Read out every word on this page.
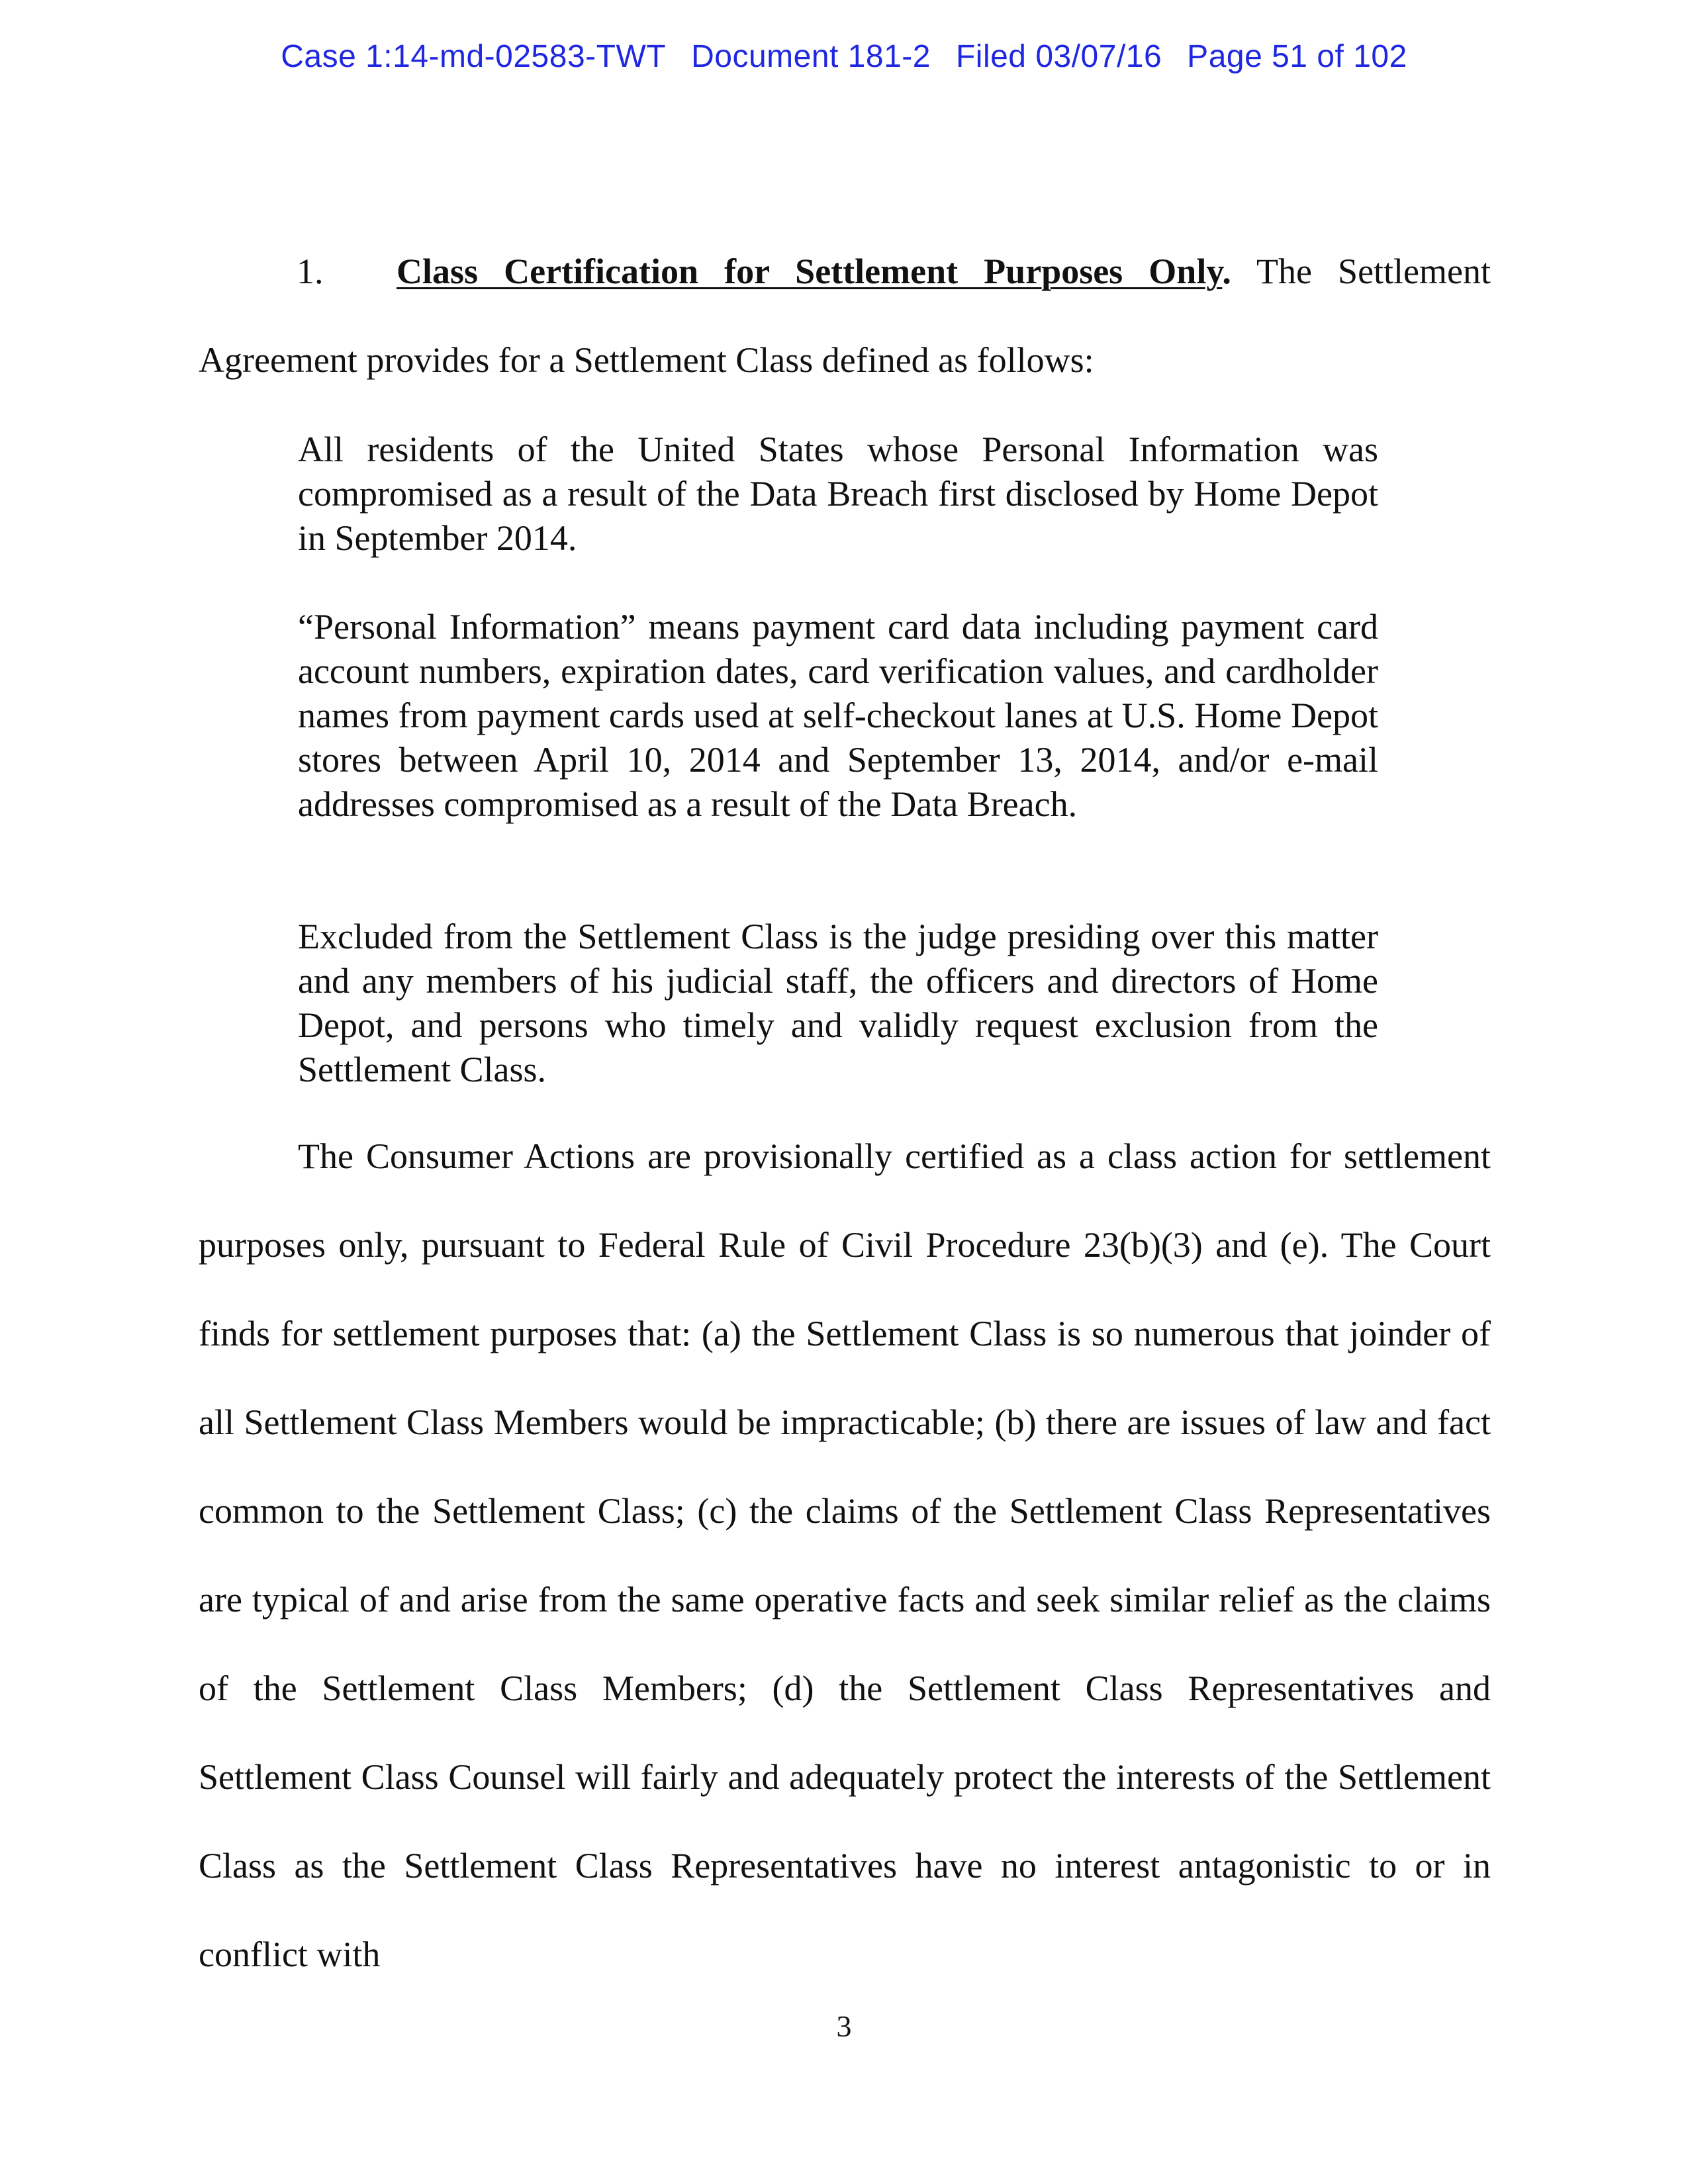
Case 1:14-md-02583-TWT Document 181-2 Filed 03/07/16 Page 51 of 102
1. Class Certification for Settlement Purposes Only. The Settlement Agreement provides for a Settlement Class defined as follows:
All residents of the United States whose Personal Information was compromised as a result of the Data Breach first disclosed by Home Depot in September 2014.
“Personal Information” means payment card data including payment card account numbers, expiration dates, card verification values, and cardholder names from payment cards used at self-checkout lanes at U.S. Home Depot stores between April 10, 2014 and September 13, 2014, and/or e-mail addresses compromised as a result of the Data Breach.
Excluded from the Settlement Class is the judge presiding over this matter and any members of his judicial staff, the officers and directors of Home Depot, and persons who timely and validly request exclusion from the Settlement Class.
The Consumer Actions are provisionally certified as a class action for settlement purposes only, pursuant to Federal Rule of Civil Procedure 23(b)(3) and (e). The Court finds for settlement purposes that: (a) the Settlement Class is so numerous that joinder of all Settlement Class Members would be impracticable; (b) there are issues of law and fact common to the Settlement Class; (c) the claims of the Settlement Class Representatives are typical of and arise from the same operative facts and seek similar relief as the claims of the Settlement Class Members; (d) the Settlement Class Representatives and Settlement Class Counsel will fairly and adequately protect the interests of the Settlement Class as the Settlement Class Representatives have no interest antagonistic to or in conflict with
3
